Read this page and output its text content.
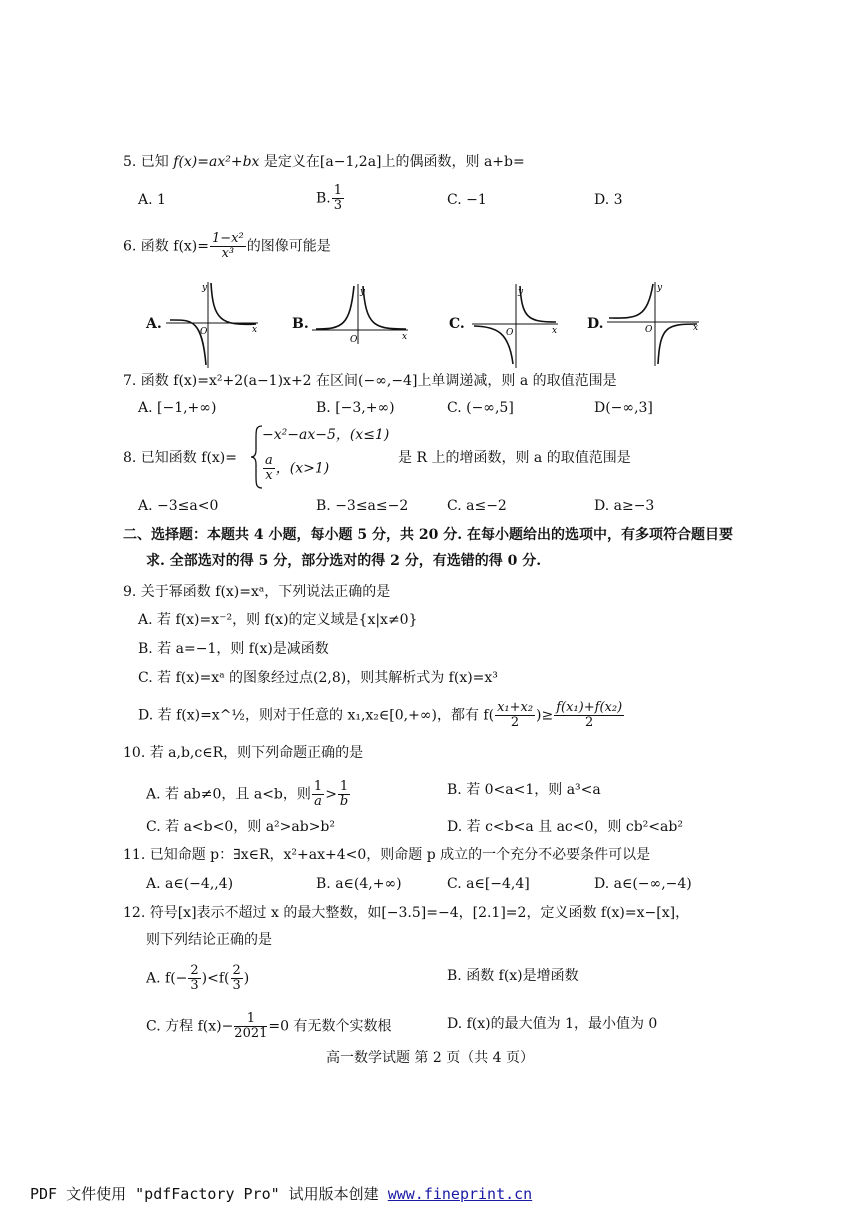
5. 已知 f(x)=ax²+bx 是定义在[a−1,2a]上的偶函数，则 a+b=
A. 1	B. $\frac{1}{3}$	C. −1	D. 3
6. 函数 $f(x)= \frac{\text{1−x²}}{\text{x³}}$ 的图像可能是
A.
y
x
O	B.
y
x
O
C.
y
x
O
D.
y
x
O
7. 函数 f(x)=x²+2(a−1)x+2 在区间(−∞,−4]上单调递减，则 a 的取值范围是
A. [−1,+∞)	B. [−3,+∞)	C. (−∞,5]	D(−∞,3]
8. 已知函数 f(x)=
−x²−ax−5，(x≤1)
$\frac{a}{x}$ ，(x>1)
是 R 上的增函数，则 a 的取值范围是
A. −3≤a<0	B. −3≤a≤−2	C. a≤−2	D. a≥−3
二、选择题：本题共 4 小题，每小题 5 分，共 20 分. 在每小题给出的选项中，有多项符合题目要
求. 全部选对的得 5 分，部分选对的得 2 分，有选错的得 0 分.
9. 关于幂函数 f(x)=xᵃ，下列说法正确的是
A. 若 f(x)=x⁻²，则 f(x)的定义域是{x|x≠0}
B. 若 a=−1，则 f(x)是减函数
C. 若 f(x)=xᵃ 的图象经过点(2,8)，则其解析式为 f(x)=x³
D. 若 f(x)=x^½，则对于任意的 x₁,x₂∈[0,+∞)，都有 $f( \frac{\text{x₁+x₂}}{2}$ )≥ $\frac{\text{f(x₁)+f(x₂)}}{2}$
10. 若 a,b,c∈R，则下列命题正确的是
A. 若 ab≠0，且 a<b，则 $\frac{1}{a} > \frac{1}{b}$	B. 若 0<a<1，则 a³<a
C. 若 a<b<0，则 a²>ab>b²	D. 若 c<b<a 且 ac<0，则 cb²<ab²
11. 已知命题 p：∃x∈R，x²+ax+4<0，则命题 p 成立的一个充分不必要条件可以是
A. a∈(−4,,4)	B. a∈(4,+∞)	C. a∈[−4,4]	D. a∈(−∞,−4)
12. 符号[x]表示不超过 x 的最大整数，如[−3.5]=−4，[2.1]=2，定义函数 f(x)=x−[x]，
则下列结论正确的是
A. $f(- \frac{2}{3} )<f( \frac{2}{3}$ )	B. 函数 f(x)是增函数
C. 方程 $f(x)- \frac{1}{2021} =0$ 有无数个实数根	D. f(x)的最大值为 1，最小值为 0
高一数学试题 第 2 页（共 4 页）
PDF 文件使用 "pdfFactory Pro" 试用版本创建 www.fineprint.cn
